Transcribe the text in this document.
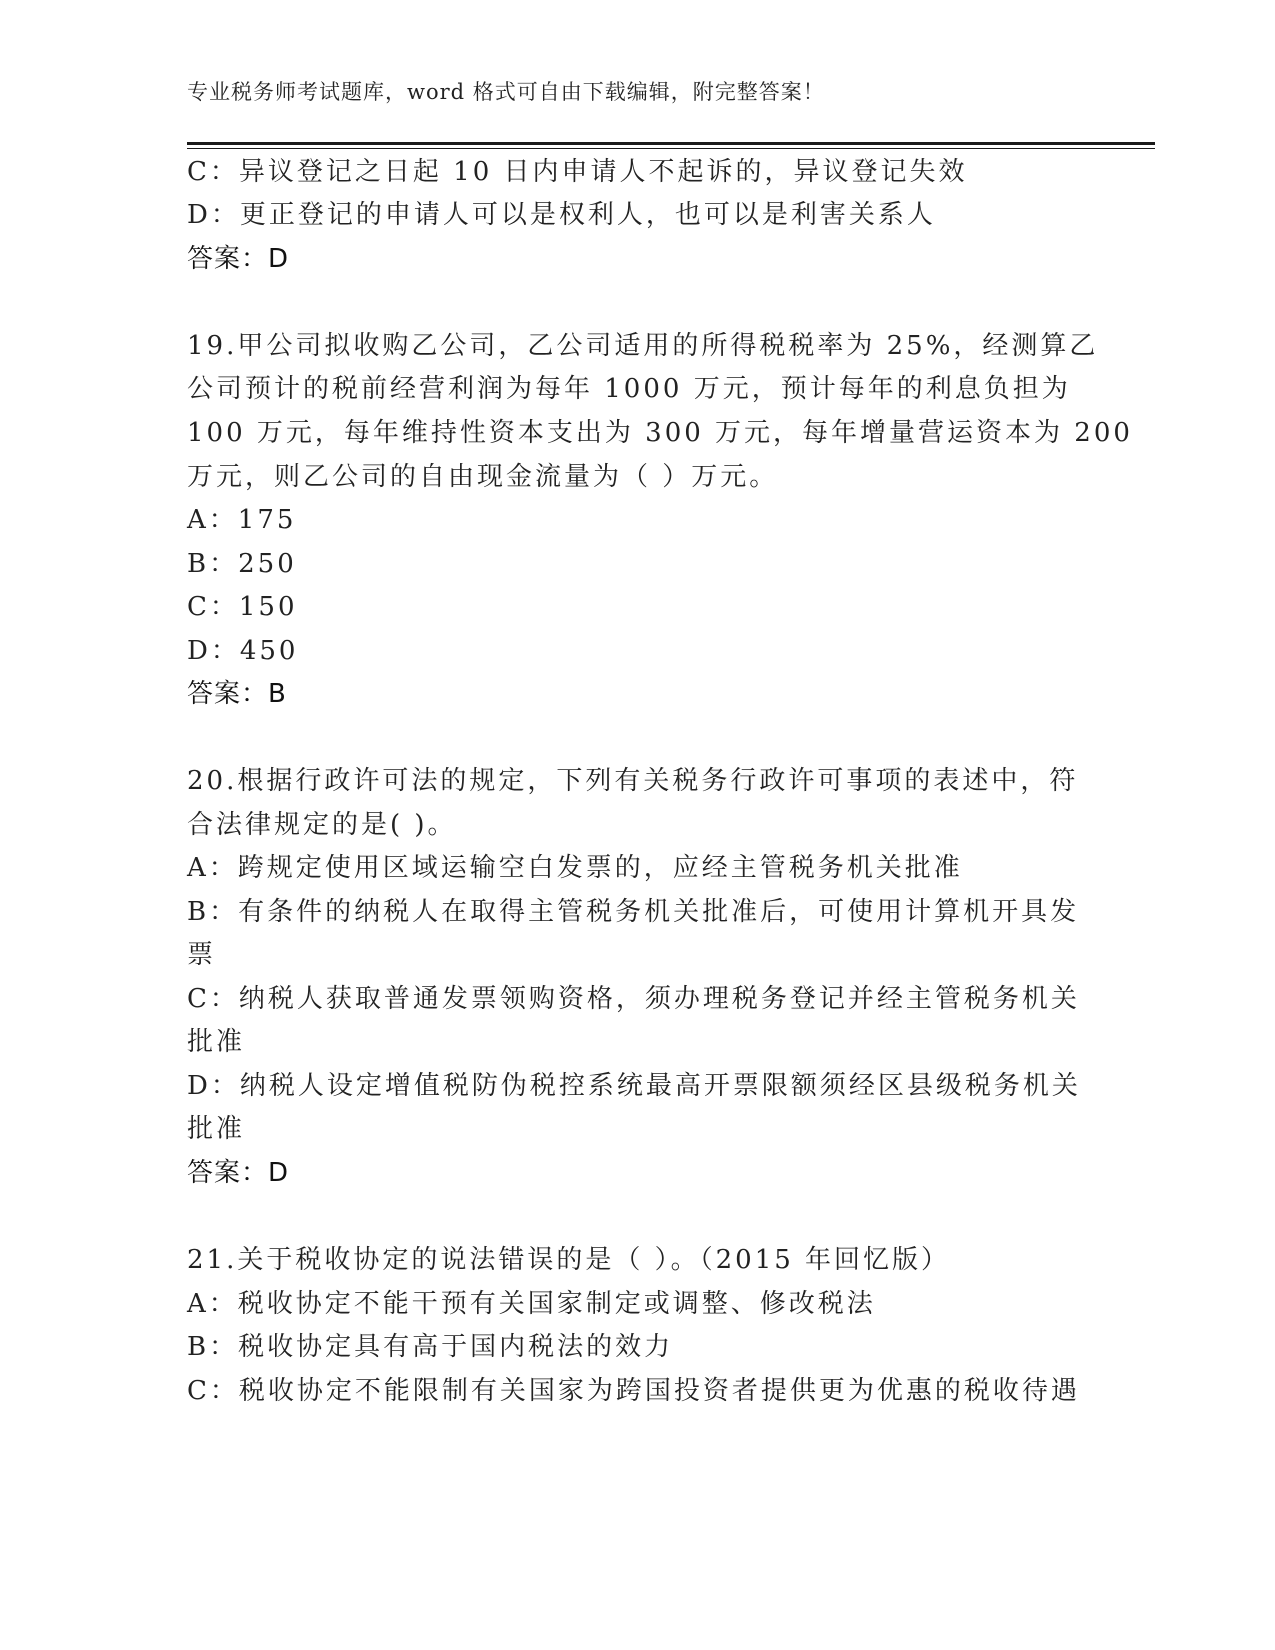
专业税务师考试题库，word 格式可自由下载编辑，附完整答案！
C：异议登记之日起 10 日内申请人不起诉的，异议登记失效
D：更正登记的申请人可以是权利人，也可以是利害关系人
答案：D
19.甲公司拟收购乙公司，乙公司适用的所得税税率为 25%，经测算乙
公司预计的税前经营利润为每年 1000 万元，预计每年的利息负担为
100 万元，每年维持性资本支出为 300 万元，每年增量营运资本为 200
万元，则乙公司的自由现金流量为（ ）万元。
A：175
B：250
C：150
D：450
答案：B
20.根据行政许可法的规定，下列有关税务行政许可事项的表述中，符
合法律规定的是( )。
A：跨规定使用区域运输空白发票的，应经主管税务机关批准
B：有条件的纳税人在取得主管税务机关批准后，可使用计算机开具发
票
C：纳税人获取普通发票领购资格，须办理税务登记并经主管税务机关
批准
D：纳税人设定增值税防伪税控系统最高开票限额须经区县级税务机关
批准
答案：D
21.关于税收协定的说法错误的是（ ）。（2015 年回忆版）
A：税收协定不能干预有关国家制定或调整、修改税法
B：税收协定具有高于国内税法的效力
C：税收协定不能限制有关国家为跨国投资者提供更为优惠的税收待遇
